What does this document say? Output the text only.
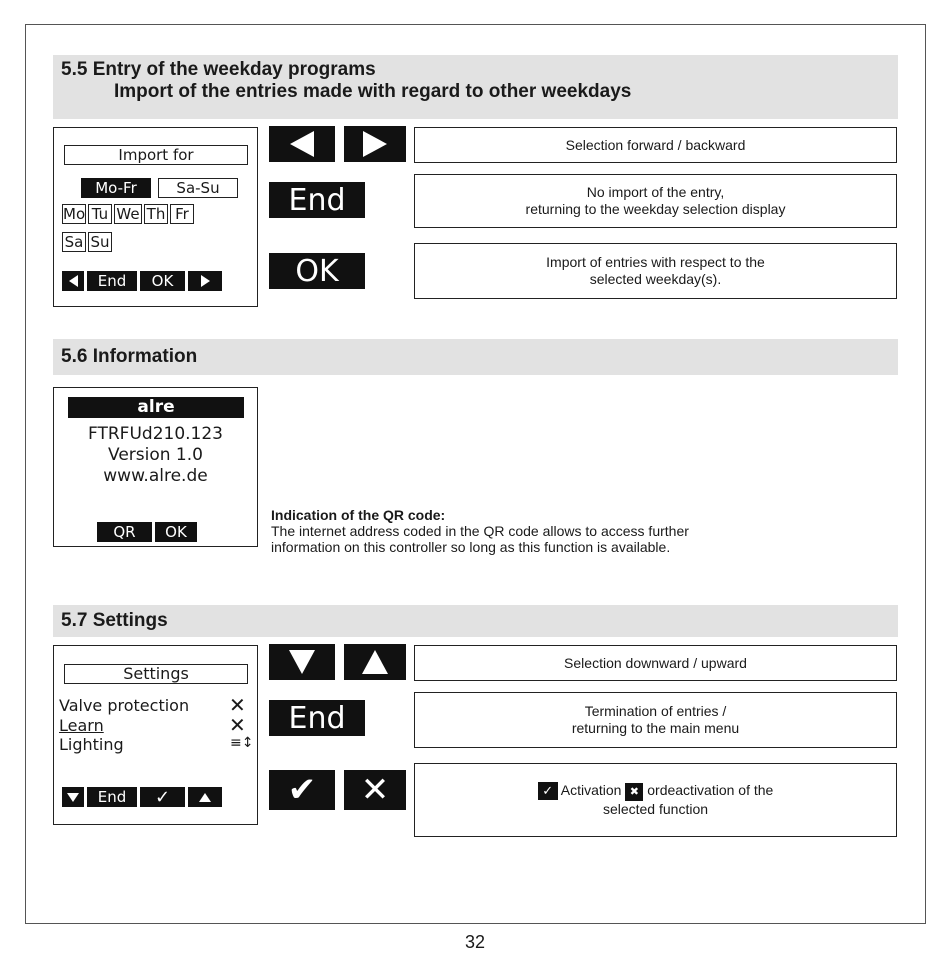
5.5 Entry of the weekday programs
Import of the entries made with regard to other weekdays
Import for
Mo-Fr	Sa-Su
Mo Tu We Th Fr
Sa Su
End	OK
End
OK
Selection forward / backward
No import of the entry,
returning to the weekday selection display
Import of entries with respect to the
selected weekday(s).
5.6 Information
alre
FTRFUd210.123
Version 1.0
www.alre.de
QR	OK
Indication of the QR code:
The internet address coded in the QR code allows to access further
information on this controller so long as this function is available.
5.7 Settings
Settings
Valve protection ✕
Learn	✕
Lighting	≡↕
End	✓
End
✔ ✕
Selection downward / upward
Termination of entries /
returning to the main menu
✓ Activation ✖ ordeactivation of the
selected function
32
